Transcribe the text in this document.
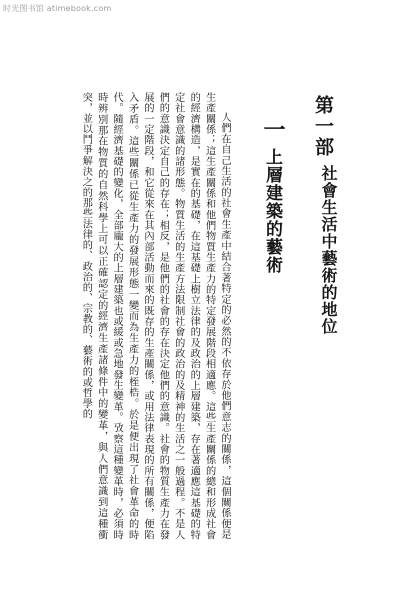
时光图书馆 atimebook.com
第一部
社會生活中藝術的地位
一
上層建築的藝術

人們在自己生活的社會生產中結合著特定的必然的不依存於他們意志的關係，這個關係便是生產關係；這生產關係和他們物質生產力的特定發展階段相適應。這些生產關係的總和形成社會的經濟構造，是實在的基礎，在這基礎上樹立法律的及政治的上層建築，存在著適應這基礎的特定社會意識的諸形態。物質生活的生產方法限制社會的政治的及精神的生活之一般過程。不是人們的意識決定自己的存在；相反，是他們的社會的存在決定他們的意識。社會的物質生產力在發展的一定階段，和它從來在其內部活動而來的既存的生產關係，或用法律表現的所有關係，便陷入矛盾。這些關係已從生產力的發展形態一變而為生產力的桎梏。於是便出現了社會革命的時代。隨經濟基礎的變化，全部龐大的上層建築也或緩或急地發生變革。攷察這種變革時，必須時時辨別那在物質的自然科學上可以正確認定的經濟生產諸條件中的變革，與人們意識到這種衝突，並以鬥爭解決之的那些法律的、政治的、宗教的、藝術的或哲學的
